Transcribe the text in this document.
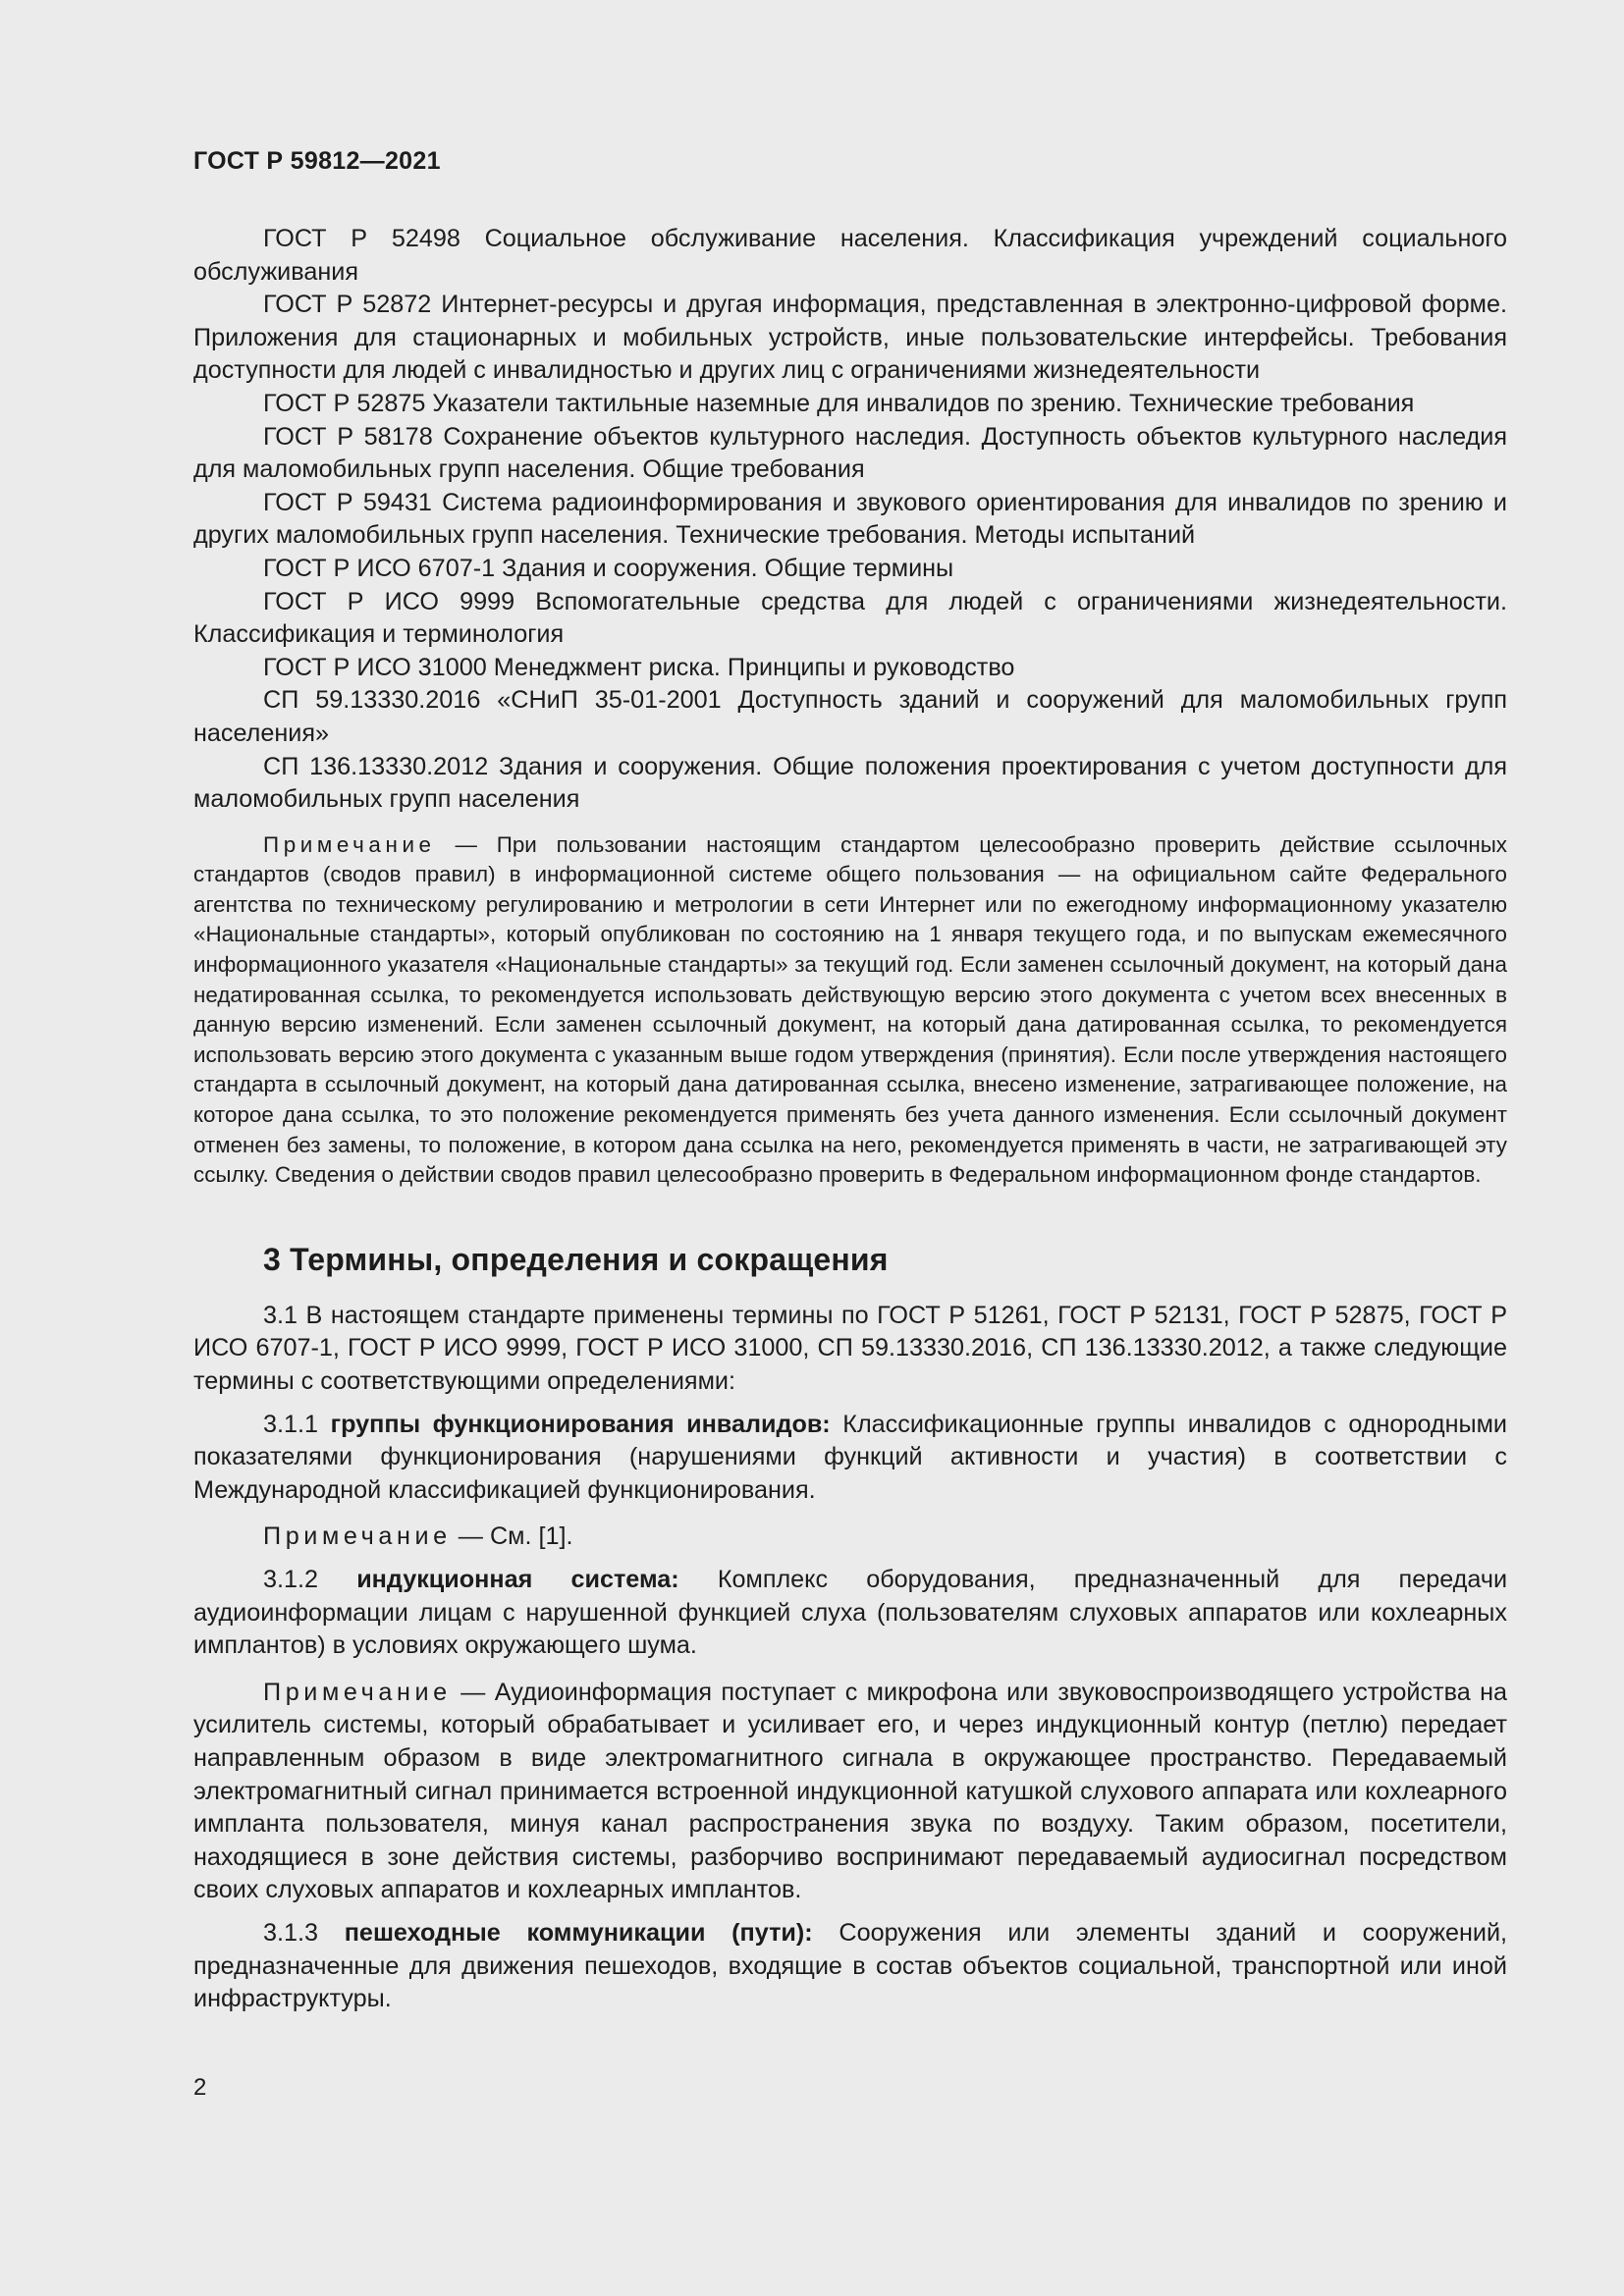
ГОСТ Р 59812—2021

ГОСТ Р 52498 Социальное обслуживание населения. Классификация учреждений социального обслуживания

ГОСТ Р 52872 Интернет-ресурсы и другая информация, представленная в электронно-цифровой форме. Приложения для стационарных и мобильных устройств, иные пользовательские интерфейсы. Требования доступности для людей с инвалидностью и других лиц с ограничениями жизнедеятельности

ГОСТ Р 52875 Указатели тактильные наземные для инвалидов по зрению. Технические требования

ГОСТ Р 58178 Сохранение объектов культурного наследия. Доступность объектов культурного наследия для маломобильных групп населения. Общие требования

ГОСТ Р 59431 Система радиоинформирования и звукового ориентирования для инвалидов по зрению и других маломобильных групп населения. Технические требования. Методы испытаний

ГОСТ Р ИСО 6707-1 Здания и сооружения. Общие термины

ГОСТ Р ИСО 9999 Вспомогательные средства для людей с ограничениями жизнедеятельности. Классификация и терминология

ГОСТ Р ИСО 31000 Менеджмент риска. Принципы и руководство

СП 59.13330.2016 «СНиП 35-01-2001 Доступность зданий и сооружений для маломобильных групп населения»

СП 136.13330.2012 Здания и сооружения. Общие положения проектирования с учетом доступности для маломобильных групп населения

Примечание — При пользовании настоящим стандартом целесообразно проверить действие ссылочных стандартов (сводов правил) в информационной системе общего пользования — на официальном сайте Федерального агентства по техническому регулированию и метрологии в сети Интернет или по ежегодному информационному указателю «Национальные стандарты», который опубликован по состоянию на 1 января текущего года, и по выпускам ежемесячного информационного указателя «Национальные стандарты» за текущий год. Если заменен ссылочный документ, на который дана недатированная ссылка, то рекомендуется использовать действующую версию этого документа с учетом всех внесенных в данную версию изменений. Если заменен ссылочный документ, на который дана датированная ссылка, то рекомендуется использовать версию этого документа с указанным выше годом утверждения (принятия). Если после утверждения настоящего стандарта в ссылочный документ, на который дана датированная ссылка, внесено изменение, затрагивающее положение, на которое дана ссылка, то это положение рекомендуется применять без учета данного изменения. Если ссылочный документ отменен без замены, то положение, в котором дана ссылка на него, рекомендуется применять в части, не затрагивающей эту ссылку. Сведения о действии сводов правил целесообразно проверить в Федеральном информационном фонде стандартов.

3 Термины, определения и сокращения

3.1 В настоящем стандарте применены термины по ГОСТ Р 51261, ГОСТ Р 52131, ГОСТ Р 52875, ГОСТ Р ИСО 6707-1, ГОСТ Р ИСО 9999, ГОСТ Р ИСО 31000, СП 59.13330.2016, СП 136.13330.2012, а также следующие термины с соответствующими определениями:

3.1.1 группы функционирования инвалидов: Классификационные группы инвалидов с однородными показателями функционирования (нарушениями функций активности и участия) в соответствии с Международной классификацией функционирования.

Примечание — См. [1].

3.1.2 индукционная система: Комплекс оборудования, предназначенный для передачи аудиоинформации лицам с нарушенной функцией слуха (пользователям слуховых аппаратов или кохлеарных имплантов) в условиях окружающего шума.

Примечание — Аудиоинформация поступает с микрофона или звуковоспроизводящего устройства на усилитель системы, который обрабатывает и усиливает его, и через индукционный контур (петлю) передает направленным образом в виде электромагнитного сигнала в окружающее пространство. Передаваемый электромагнитный сигнал принимается встроенной индукционной катушкой слухового аппарата или кохлеарного импланта пользователя, минуя канал распространения звука по воздуху. Таким образом, посетители, находящиеся в зоне действия системы, разборчиво воспринимают передаваемый аудиосигнал посредством своих слуховых аппаратов и кохлеарных имплантов.

3.1.3 пешеходные коммуникации (пути): Сооружения или элементы зданий и сооружений, предназначенные для движения пешеходов, входящие в состав объектов социальной, транспортной или иной инфраструктуры.

2
